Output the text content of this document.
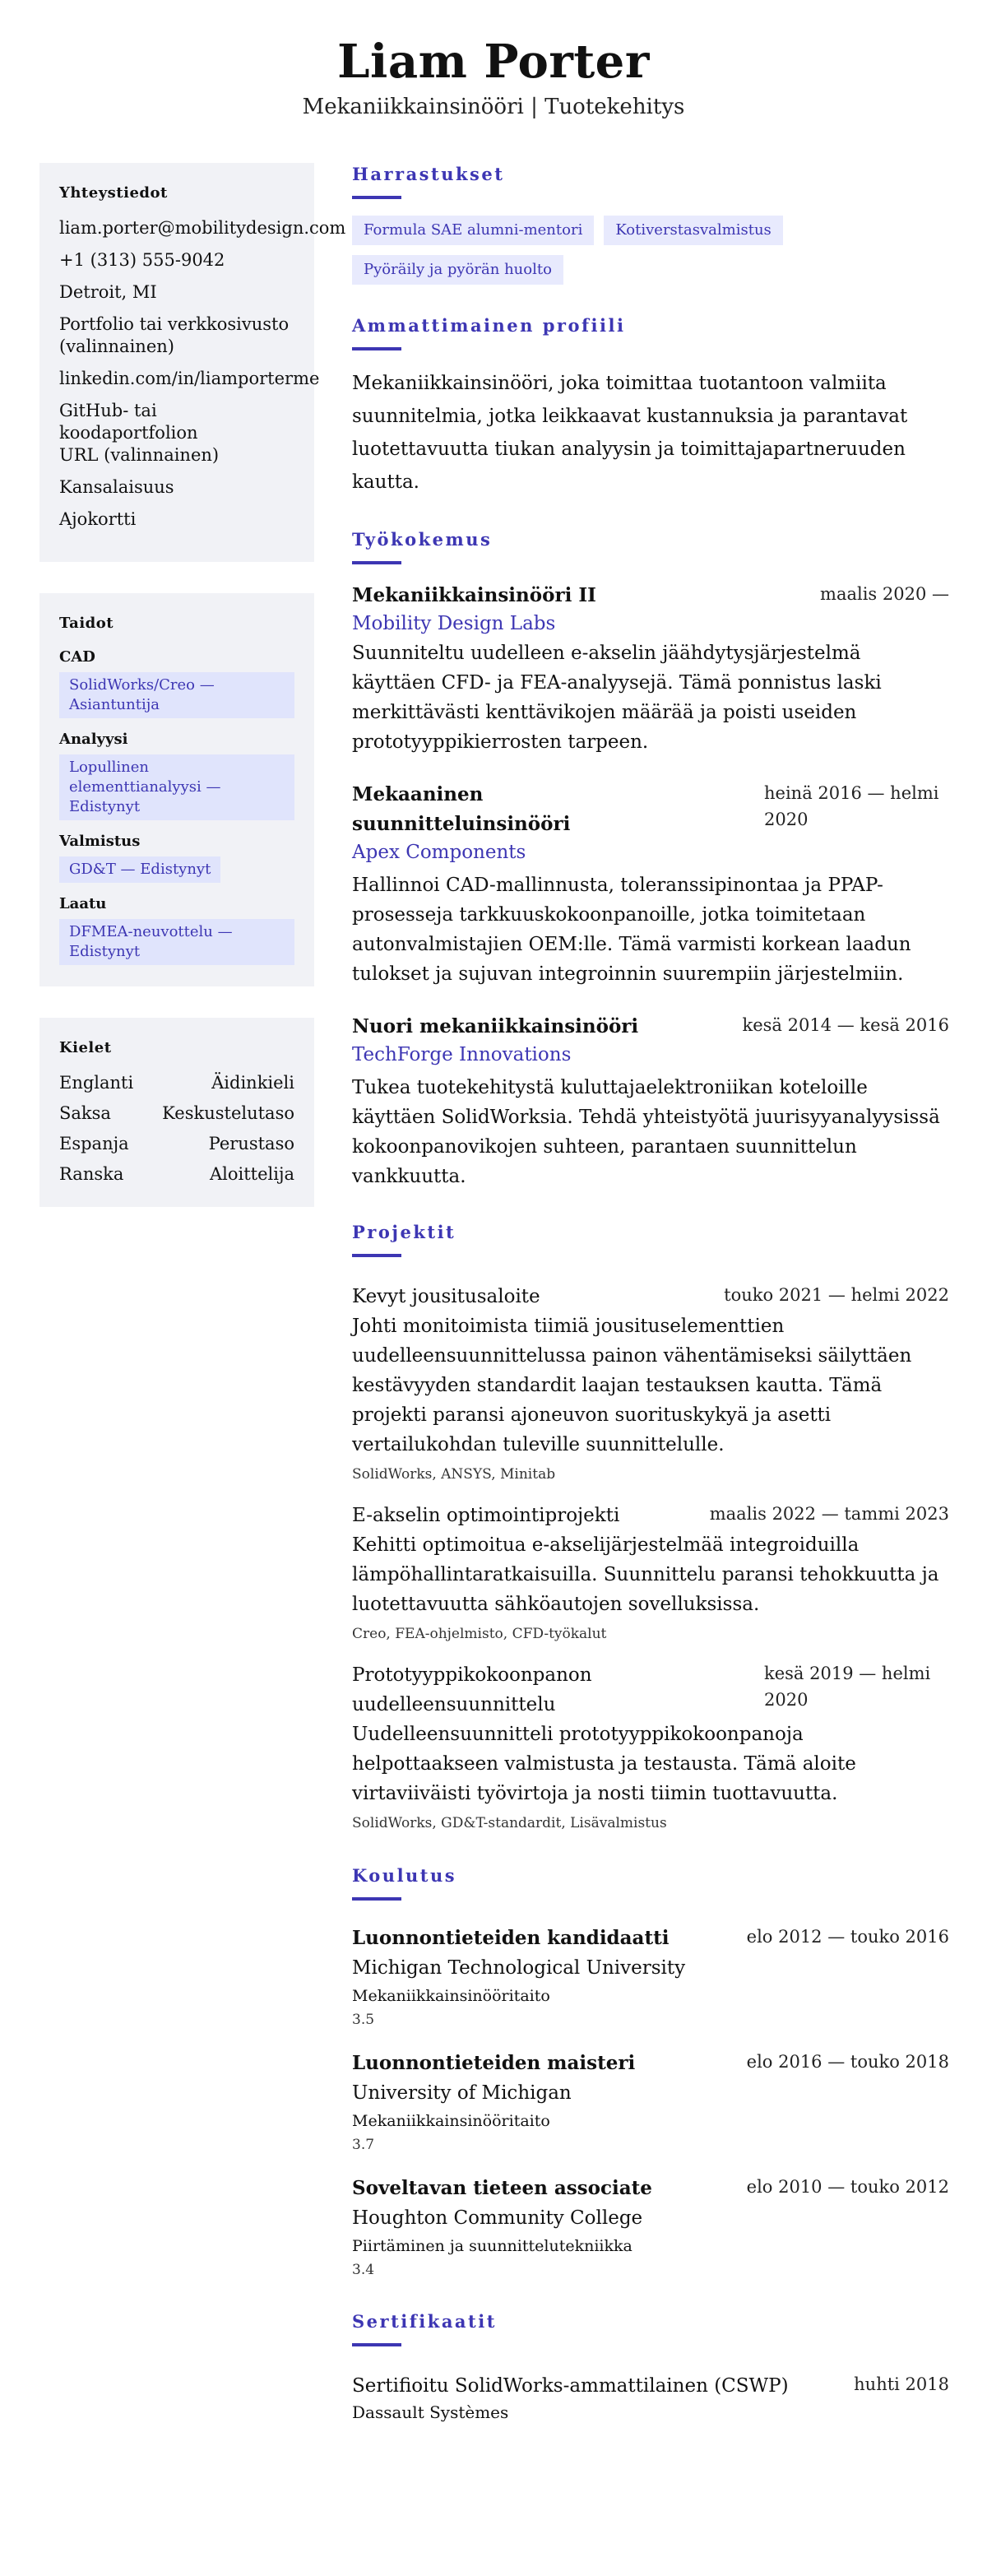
Liam Porter
Mekaniikkainsinööri | Tuotekehitys
Yhteystiedot
liam.porter@mobilitydesign.com
+1 (313) 555-9042
Detroit, MI
Portfolio tai verkkosivusto (valinnainen)
linkedin.com/in/liamporterme
GitHub- tai koodaportfolion URL (valinnainen)
Kansalaisuus
Ajokortti
Taidot
CAD
SolidWorks/Creo — Asiantuntija
Analyysi
Lopullinen elementtianalyysi — Edistynyt
Valmistus
GD&T — Edistynyt
Laatu
DFMEA-neuvottelu — Edistynyt
Kielet
Englanti	Äidinkieli
Saksa	Keskustelutaso
Espanja	Perustaso
Ranska	Aloittelija
Harrastukset
Formula SAE alumni-mentori	Kotiverstasvalmistus
Pyöräily ja pyörän huolto
Ammattimainen profiili

Mekaniikkainsinööri, joka toimittaa tuotantoon valmiita suunnitelmia, jotka leikkaavat kustannuksia ja parantavat luotettavuutta tiukan analyysin ja toimittajapartneruuden kautta.

Työkokemus
Mekaniikkainsinööri II	maalis 2020 —
Mobility Design Labs

Suunniteltu uudelleen e-akselin jäähdytysjärjestelmä käyttäen CFD- ja FEA-analyysejä. Tämä ponnistus laski merkittävästi kenttävikojen määrää ja poisti useiden prototyyppikierrosten tarpeen.

Mekaaninen suunnitteluinsinööri
heinä 2016 — helmi 2020
Apex Components

Hallinnoi CAD-mallinnusta, toleranssipinontaa ja PPAP-prosesseja tarkkuuskokoonpanoille, jotka toimitetaan autonvalmistajien OEM:lle. Tämä varmisti korkean laadun tulokset ja sujuvan integroinnin suurempiin järjestelmiin.

Nuori mekaniikkainsinööri	kesä 2014 — kesä 2016
TechForge Innovations

Tukea tuotekehitystä kuluttajaelektroniikan koteloille käyttäen SolidWorksia. Tehdä yhteistyötä juurisyyanalyysissä kokoonpanovikojen suhteen, parantaen suunnittelun vankkuutta.

Projektit
Kevyt jousitusaloite	touko 2021 — helmi 2022

Johti monitoimista tiimiä jousituselementtien uudelleensuunnittelussa painon vähentämiseksi säilyttäen kestävyyden standardit laajan testauksen kautta. Tämä projekti paransi ajoneuvon suorituskykyä ja asetti vertailukohdan tuleville suunnittelulle.

SolidWorks, ANSYS, Minitab
E-akselin optimointiprojekti	maalis 2022 — tammi 2023

Kehitti optimoitua e-akselijärjestelmää integroiduilla lämpöhallintaratkaisuilla. Suunnittelu paransi tehokkuutta ja luotettavuutta sähköautojen sovelluksissa.

Creo, FEA-ohjelmisto, CFD-työkalut
Prototyyppikokoonpanon uudelleensuunnittelu
kesä 2019 — helmi 2020

Uudelleensuunnitteli prototyyppikokoonpanoja helpottaakseen valmistusta ja testausta. Tämä aloite virtaviiväisti työvirtoja ja nosti tiimin tuottavuutta.

SolidWorks, GD&T-standardit, Lisävalmistus
Koulutus
Luonnontieteiden kandidaatti	elo 2012 — touko 2016
Michigan Technological University
Mekaniikkainsinööritaito
3.5
Luonnontieteiden maisteri	elo 2016 — touko 2018
University of Michigan
Mekaniikkainsinööritaito
3.7
Soveltavan tieteen associate	elo 2010 — touko 2012
Houghton Community College
Piirtäminen ja suunnittelutekniikka
3.4
Sertifikaatit
Sertifioitu SolidWorks-ammattilainen (CSWP)	huhti 2018
Dassault Systèmes
